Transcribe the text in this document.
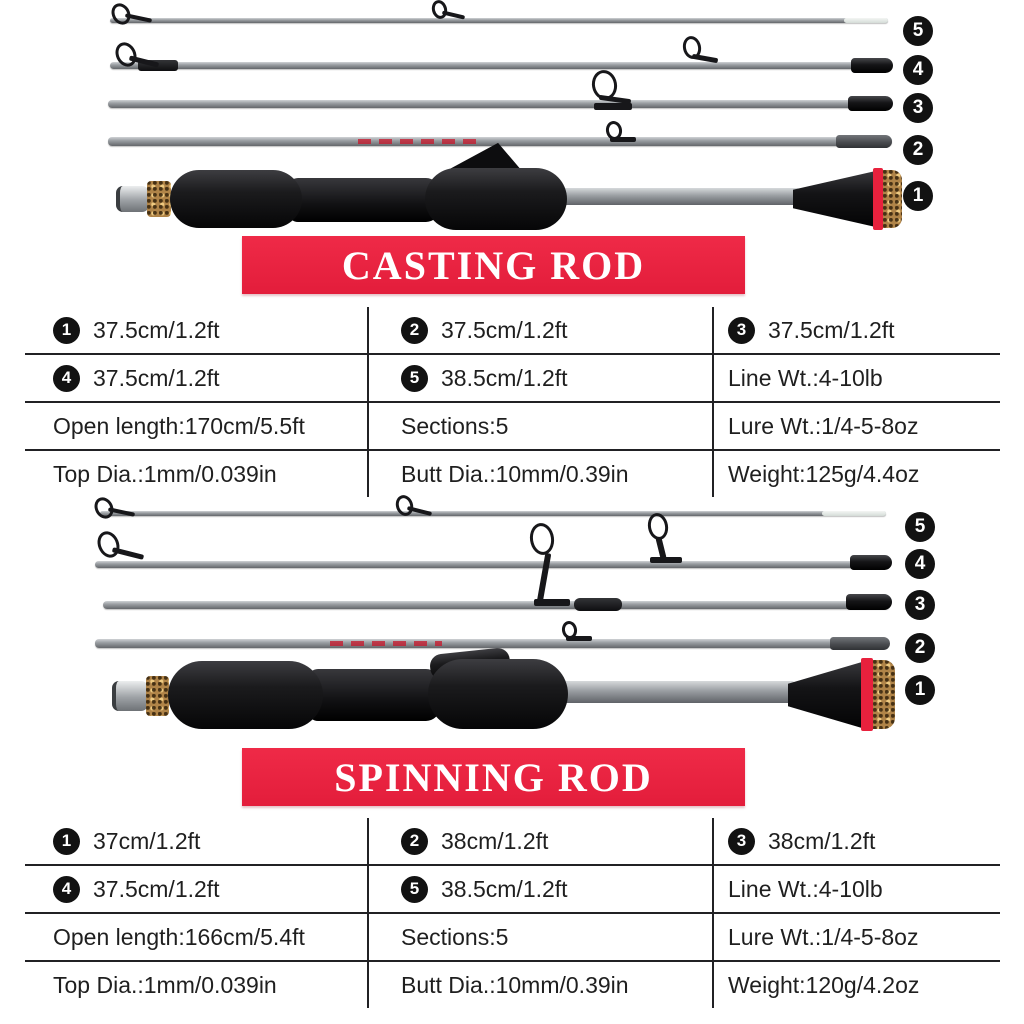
5
4
3
2
1
CASTING ROD
1 37.5cm/1.2ft	2 37.5cm/1.2ft	3 37.5cm/1.2ft

4 37.5cm/1.2ft	5 38.5cm/1.2ft	Line Wt.:4-10lb

Open length:170cm/5.5ft	Sections:5	Lure Wt.:1/4-5-8oz

Top Dia.:1mm/0.039in	Butt Dia.:10mm/0.39in	Weight:125g/4.4oz
5
4
3
2
1
SPINNING ROD
1 37cm/1.2ft	2 38cm/1.2ft	3 38cm/1.2ft

4 37.5cm/1.2ft	5 38.5cm/1.2ft	Line Wt.:4-10lb

Open length:166cm/5.4ft	Sections:5	Lure Wt.:1/4-5-8oz

Top Dia.:1mm/0.039in	Butt Dia.:10mm/0.39in	Weight:120g/4.2oz
